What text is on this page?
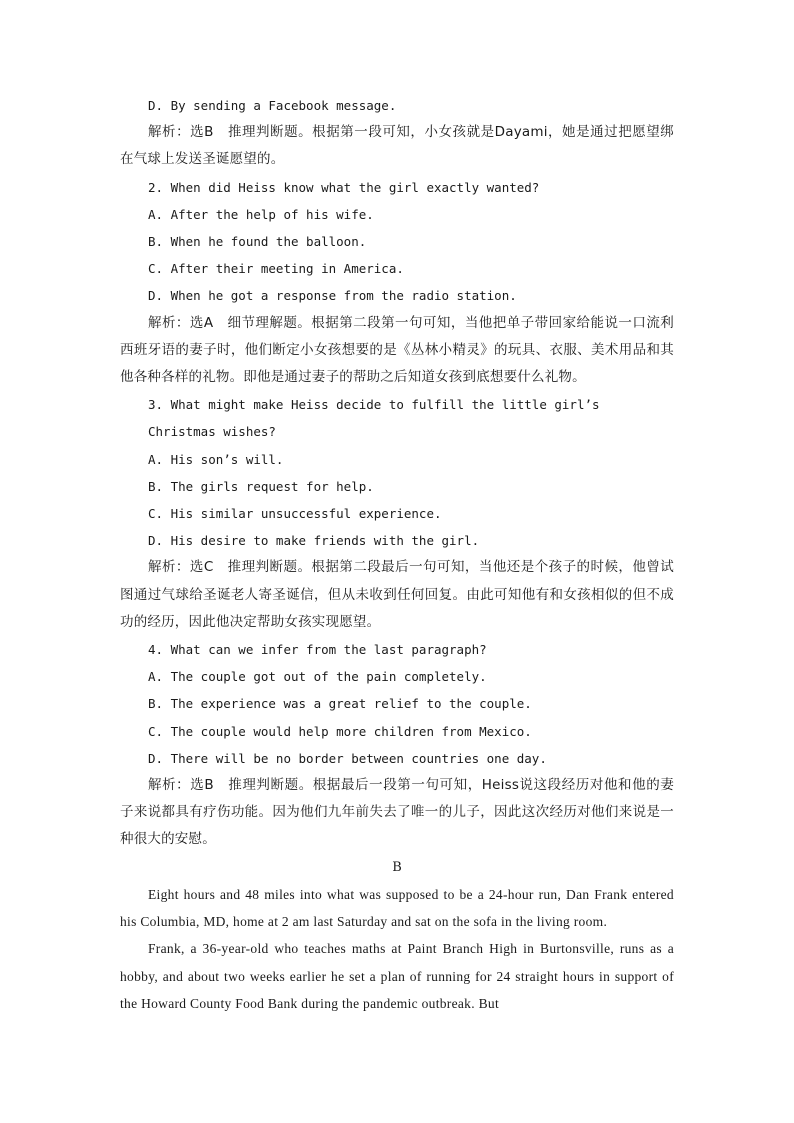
D. By sending a Facebook message.

解析：选B　推理判断题。根据第一段可知，小女孩就是Dayami，她是通过把愿望绑在气球上发送圣诞愿望的。

2. When did Heiss know what the girl exactly wanted?

A. After the help of his wife.

B. When he found the balloon.

C. After their meeting in America.

D. When he got a response from the radio station.

解析：选A　细节理解题。根据第二段第一句可知，当他把单子带回家给能说一口流利西班牙语的妻子时，他们断定小女孩想要的是《丛林小精灵》的玩具、衣服、美术用品和其他各种各样的礼物。即他是通过妻子的帮助之后知道女孩到底想要什么礼物。

3. What might make Heiss decide to fulfill the little girl’s Christmas wishes?

A. His son’s will.

B. The girls request for help.

C. His similar unsuccessful experience.

D. His desire to make friends with the girl.

解析：选C　推理判断题。根据第二段最后一句可知，当他还是个孩子的时候，他曾试图通过气球给圣诞老人寄圣诞信，但从未收到任何回复。由此可知他有和女孩相似的但不成功的经历，因此他决定帮助女孩实现愿望。

4. What can we infer from the last paragraph?

A. The couple got out of the pain completely.

B. The experience was a great relief to the couple.

C. The couple would help more children from Mexico.

D. There will be no border between countries one day.

解析：选B　推理判断题。根据最后一段第一句可知，Heiss说这段经历对他和他的妻子来说都具有疗伤功能。因为他们九年前失去了唯一的儿子，因此这次经历对他们来说是一种很大的安慰。

B

Eight hours and 48 miles into what was supposed to be a 24-hour run, Dan Frank entered his Columbia, MD, home at 2 am last Saturday and sat on the sofa in the living room.

Frank, a 36-year-old who teaches maths at Paint Branch High in Burtonsville, runs as a hobby, and about two weeks earlier he set a plan of running for 24 straight hours in support of the Howard County Food Bank during the pandemic outbreak. But
